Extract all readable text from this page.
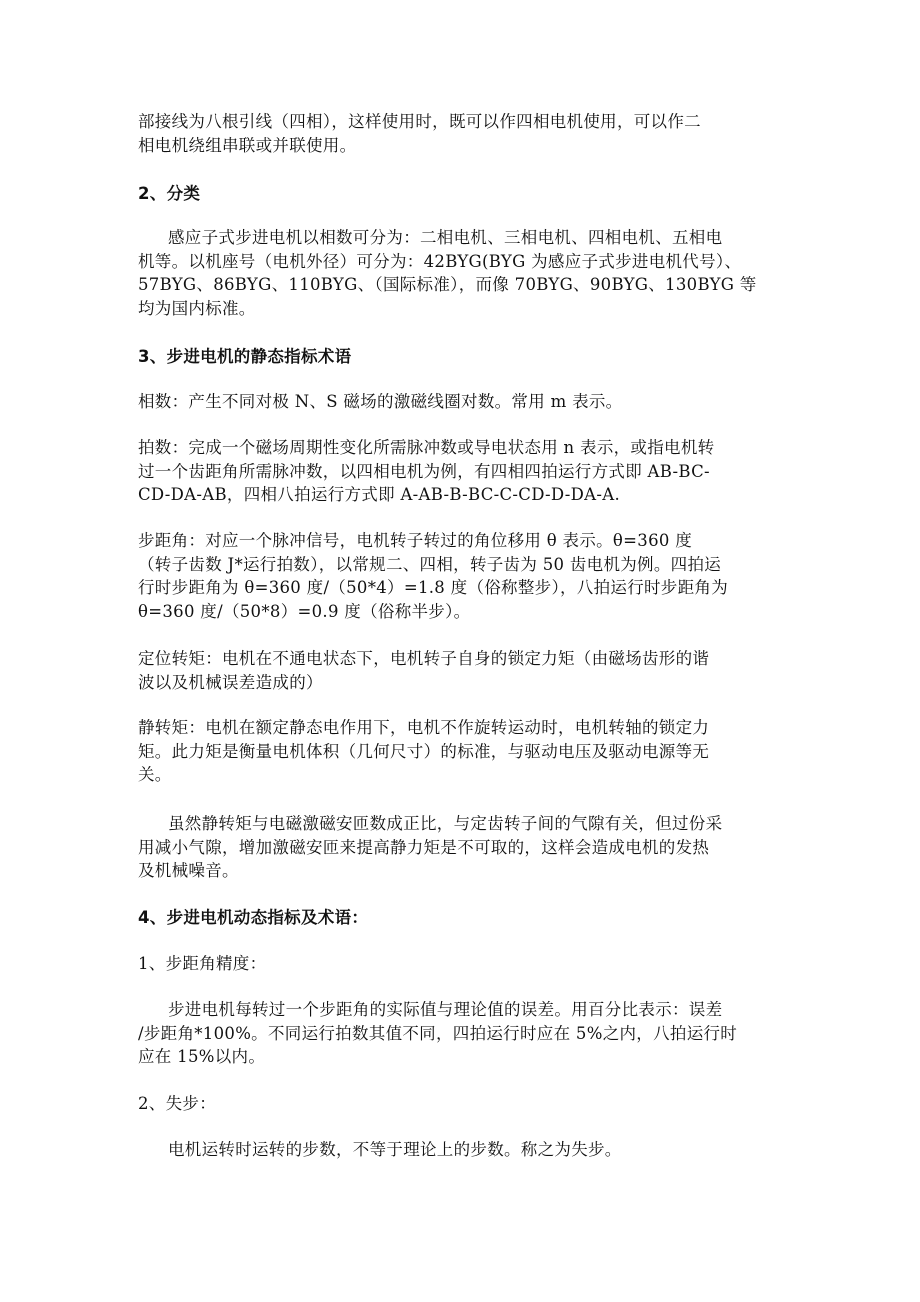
部接线为八根引线（四相），这样使用时，既可以作四相电机使用，可以作二
相电机绕组串联或并联使用。

2、分类

感应子式步进电机以相数可分为：二相电机、三相电机、四相电机、五相电
机等。以机座号（电机外径）可分为：42BYG(BYG 为感应子式步进电机代号）、
57BYG、86BYG、110BYG、（国际标准），而像 70BYG、90BYG、130BYG 等
均为国内标准。

3、步进电机的静态指标术语

相数：产生不同对极 N、S 磁场的激磁线圈对数。常用 m 表示。

拍数：完成一个磁场周期性变化所需脉冲数或导电状态用 n 表示，或指电机转
过一个齿距角所需脉冲数，以四相电机为例，有四相四拍运行方式即 AB-BC-
CD-DA-AB，四相八拍运行方式即 A-AB-B-BC-C-CD-D-DA-A.

步距角：对应一个脉冲信号，电机转子转过的角位移用 θ 表示。θ=360 度
（转子齿数 J*运行拍数），以常规二、四相，转子齿为 50 齿电机为例。四拍运
行时步距角为 θ=360 度/（50*4）=1.8 度（俗称整步），八拍运行时步距角为
θ=360 度/（50*8）=0.9 度（俗称半步）。

定位转矩：电机在不通电状态下，电机转子自身的锁定力矩（由磁场齿形的谐
波以及机械误差造成的）

静转矩：电机在额定静态电作用下，电机不作旋转运动时，电机转轴的锁定力
矩。此力矩是衡量电机体积（几何尺寸）的标准，与驱动电压及驱动电源等无
关。

虽然静转矩与电磁激磁安匝数成正比，与定齿转子间的气隙有关，但过份采
用减小气隙，增加激磁安匝来提高静力矩是不可取的，这样会造成电机的发热
及机械噪音。

4、步进电机动态指标及术语：

1、步距角精度：

步进电机每转过一个步距角的实际值与理论值的误差。用百分比表示：误差
/步距角*100%。不同运行拍数其值不同，四拍运行时应在 5%之内，八拍运行时
应在 15%以内。

2、失步：

电机运转时运转的步数，不等于理论上的步数。称之为失步。
